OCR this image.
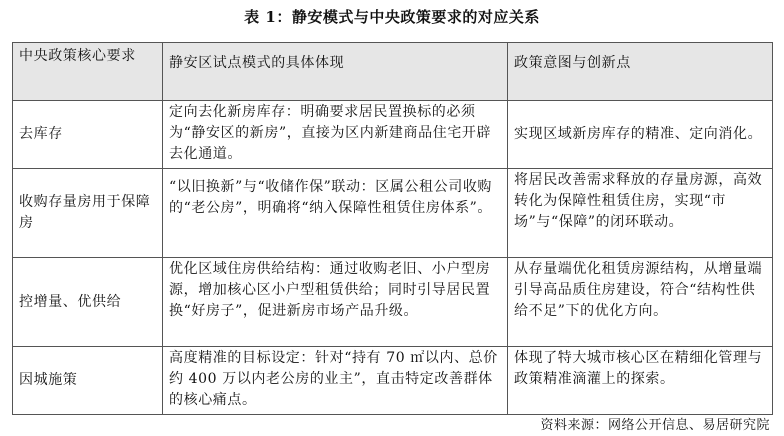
表 1：静安模式与中央政策要求的对应关系
中央政策核心要求	静安区试点模式的具体体现	政策意图与创新点
去库存	定向去化新房库存：明确要求居民置换标的必须为“静安区的新房”，直接为区内新建商品住宅开辟去化通道。	实现区域新房库存的精准、定向消化。
收购存量房用于保障房	“以旧换新”与“收储作保”联动：区属公租公司收购的“老公房”，明确将“纳入保障性租赁住房体系”。	将居民改善需求释放的存量房源，高效转化为保障性租赁住房，实现“市场”与“保障”的闭环联动。
控增量、优供给	优化区域住房供给结构：通过收购老旧、小户型房源，增加核心区小户型租赁供给；同时引导居民置换“好房子”，促进新房市场产品升级。	从存量端优化租赁房源结构，从增量端引导高品质住房建设，符合“结构性供给不足”下的优化方向。
因城施策	高度精准的目标设定：针对“持有 70 ㎡以内、总价约 400 万以内老公房的业主”，直击特定改善群体的核心痛点。	体现了特大城市核心区在精细化管理与政策精准滴灌上的探索。
资料来源：网络公开信息、易居研究院
